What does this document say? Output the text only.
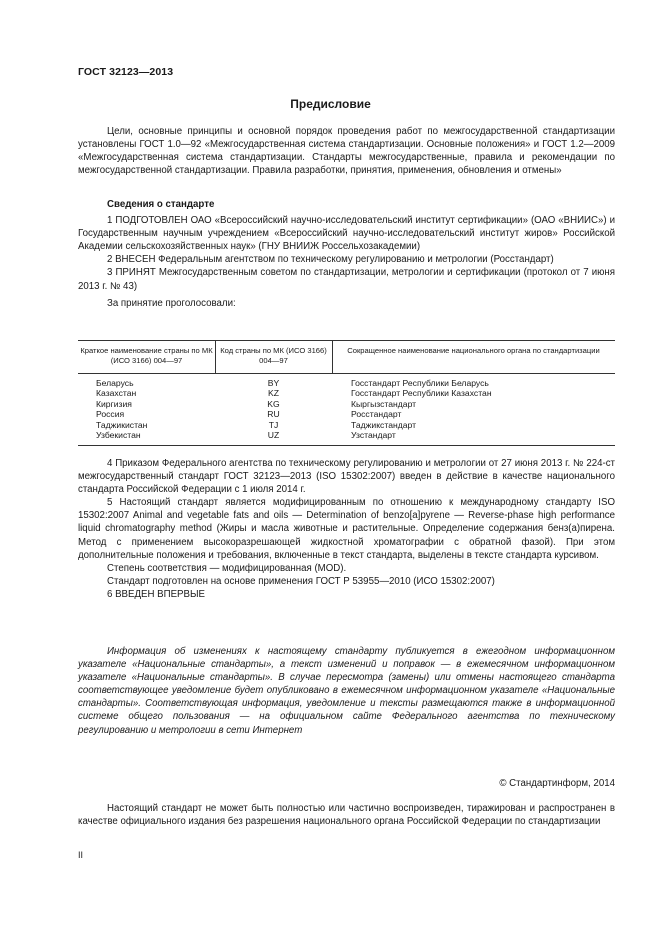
ГОСТ 32123—2013
Предисловие

Цели, основные принципы и основной порядок проведения работ по межгосударственной стандартизации установлены ГОСТ 1.0—92 «Межгосударственная система стандартизации. Основные положения» и ГОСТ 1.2—2009 «Межгосударственная система стандартизации. Стандарты межгосударственные, правила и рекомендации по межгосударственной стандартизации. Правила разработки, принятия, применения, обновления и отмены»

Сведения о стандарте

1 ПОДГОТОВЛЕН ОАО «Всероссийский научно-исследовательский институт сертификации» (ОАО «ВНИИС») и Государственным научным учреждением «Всероссийский научно-исследовательский институт жиров» Российской Академии сельскохозяйственных наук» (ГНУ ВНИИЖ Россельхозакадемии)

2 ВНЕСЕН Федеральным агентством по техническому регулированию и метрологии (Росстандарт)

3 ПРИНЯТ Межгосударственным советом по стандартизации, метрологии и сертификации (протокол от 7 июня 2013 г. № 43)

За принятие проголосовали:

Краткое наименование страны по МК (ИСО 3166) 004—97
Код страны по МК (ИСО 3166) 004—97
Сокращенное наименование национального органа по стандартизации
Беларусь	BY	Госстандарт Республики Беларусь
Казахстан	KZ	Госстандарт Республики Казахстан
Киргизия	KG	Кыргызстандарт
Россия	RU	Росстандарт
Таджикистан	TJ	Таджикстандарт
Узбекистан	UZ	Узстандарт

4 Приказом Федерального агентства по техническому регулированию и метрологии от 27 июня 2013 г. № 224-ст межгосударственный стандарт ГОСТ 32123—2013 (ISO 15302:2007) введен в действие в качестве национального стандарта Российской Федерации с 1 июля 2014 г.

5 Настоящий стандарт является модифицированным по отношению к международному стандарту ISO 15302:2007 Animal and vegetable fats and oils — Determination of benzo[a]pyrene — Reverse-phase high performance liquid chromatography method (Жиры и масла животные и растительные. Определение содержания бенз(а)пирена. Метод с применением высокоразрешающей жидкостной хроматографии с обратной фазой). При этом дополнительные положения и требования, включенные в текст стандарта, выделены в тексте стандарта курсивом.

Степень соответствия — модифицированная (MOD).

Стандарт подготовлен на основе применения ГОСТ Р 53955—2010 (ИСО 15302:2007)

6 ВВЕДЕН ВПЕРВЫЕ

Информация об изменениях к настоящему стандарту публикуется в ежегодном информационном указателе «Национальные стандарты», а текст изменений и поправок — в ежемесячном информационном указателе «Национальные стандарты». В случае пересмотра (замены) или отмены настоящего стандарта соответствующее уведомление будет опубликовано в ежемесячном информационном указателе «Национальные стандарты». Соответствующая информация, уведомление и тексты размещаются также в информационной системе общего пользования — на официальном сайте Федерального агентства по техническому регулированию и метрологии в сети Интернет

© Стандартинформ, 2014

Настоящий стандарт не может быть полностью или частично воспроизведен, тиражирован и распространен в качестве официального издания без разрешения национального органа Российской Федерации по стандартизации

II
